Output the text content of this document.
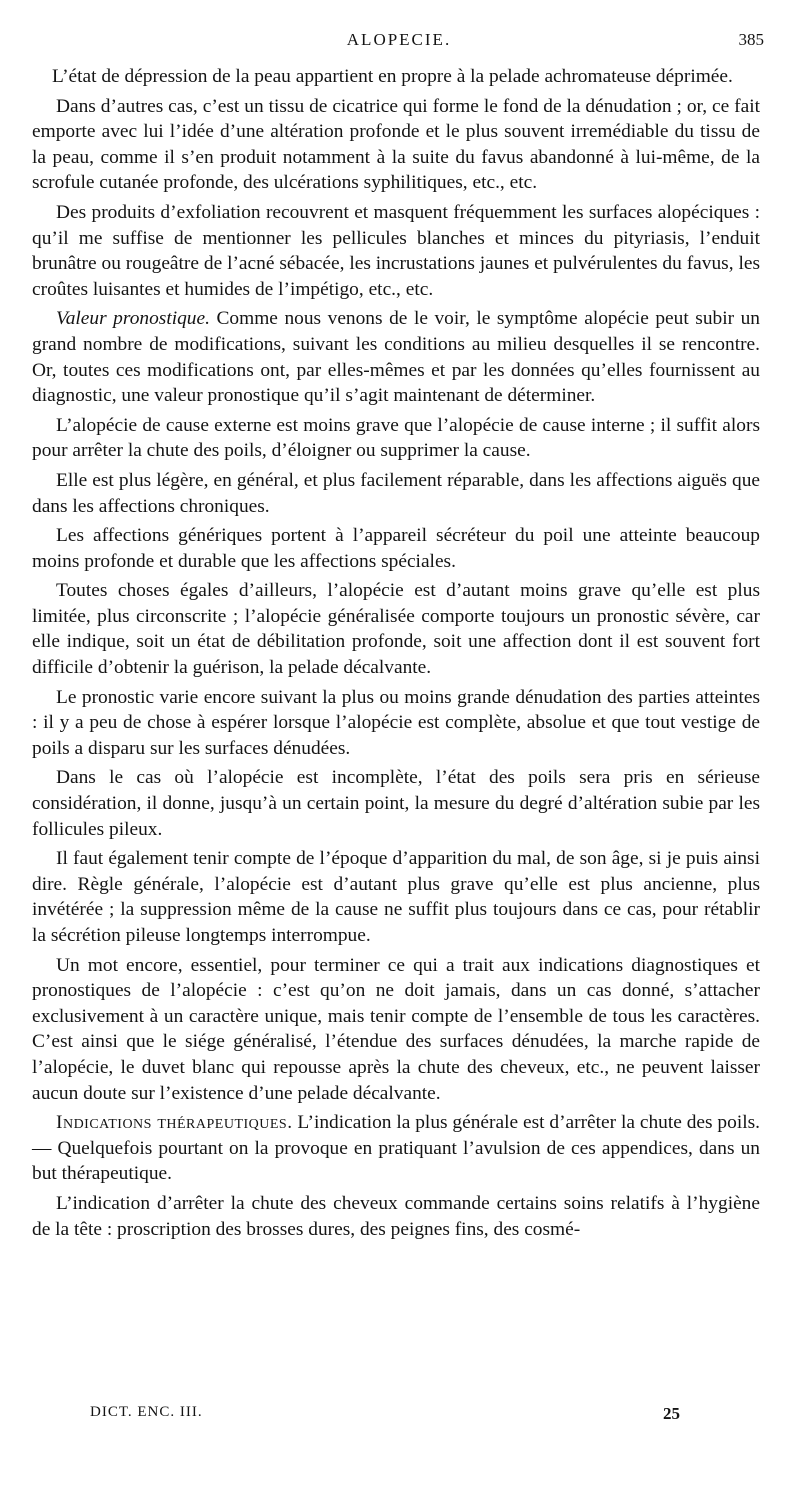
ALOPECIE.	385

L’état de dépression de la peau appartient en propre à la pelade achromateuse déprimée.

Dans d’autres cas, c’est un tissu de cicatrice qui forme le fond de la dénudation ; or, ce fait emporte avec lui l’idée d’une altération profonde et le plus souvent irremédiable du tissu de la peau, comme il s’en produit notamment à la suite du favus abandonné à lui-même, de la scrofule cutanée profonde, des ulcérations syphilitiques, etc., etc.

Des produits d’exfoliation recouvrent et masquent fréquemment les surfaces alopéciques : qu’il me suffise de mentionner les pellicules blanches et minces du pityriasis, l’enduit brunâtre ou rougeâtre de l’acné sébacée, les incrustations jaunes et pulvérulentes du favus, les croûtes luisantes et humides de l’impétigo, etc., etc.

Valeur pronostique. Comme nous venons de le voir, le symptôme alopécie peut subir un grand nombre de modifications, suivant les conditions au milieu desquelles il se rencontre. Or, toutes ces modifications ont, par elles-mêmes et par les données qu’elles fournissent au diagnostic, une valeur pronostique qu’il s’agit maintenant de déterminer.

L’alopécie de cause externe est moins grave que l’alopécie de cause interne ; il suffit alors pour arrêter la chute des poils, d’éloigner ou supprimer la cause.

Elle est plus légère, en général, et plus facilement réparable, dans les affections aiguës que dans les affections chroniques.

Les affections génériques portent à l’appareil sécréteur du poil une atteinte beaucoup moins profonde et durable que les affections spéciales.

Toutes choses égales d’ailleurs, l’alopécie est d’autant moins grave qu’elle est plus limitée, plus circonscrite ; l’alopécie généralisée comporte toujours un pronostic sévère, car elle indique, soit un état de débilitation profonde, soit une affection dont il est souvent fort difficile d’obtenir la guérison, la pelade décalvante.

Le pronostic varie encore suivant la plus ou moins grande dénudation des parties atteintes : il y a peu de chose à espérer lorsque l’alopécie est complète, absolue et que tout vestige de poils a disparu sur les surfaces dénudées.

Dans le cas où l’alopécie est incomplète, l’état des poils sera pris en sérieuse considération, il donne, jusqu’à un certain point, la mesure du degré d’altération subie par les follicules pileux.

Il faut également tenir compte de l’époque d’apparition du mal, de son âge, si je puis ainsi dire. Règle générale, l’alopécie est d’autant plus grave qu’elle est plus ancienne, plus invétérée ; la suppression même de la cause ne suffit plus toujours dans ce cas, pour rétablir la sécrétion pileuse longtemps interrompue.

Un mot encore, essentiel, pour terminer ce qui a trait aux indications diagnostiques et pronostiques de l’alopécie : c’est qu’on ne doit jamais, dans un cas donné, s’attacher exclusivement à un caractère unique, mais tenir compte de l’ensemble de tous les caractères. C’est ainsi que le siége généralisé, l’étendue des surfaces dénudées, la marche rapide de l’alopécie, le duvet blanc qui repousse après la chute des cheveux, etc., ne peuvent laisser aucun doute sur l’existence d’une pelade décalvante.

Indications thérapeutiques. L’indication la plus générale est d’arrêter la chute des poils. — Quelquefois pourtant on la provoque en pratiquant l’avulsion de ces appendices, dans un but thérapeutique.

L’indication d’arrêter la chute des cheveux commande certains soins relatifs à l’hygiène de la tête : proscription des brosses dures, des peignes fins, des cosmé-

DICT. ENC. III.	25
